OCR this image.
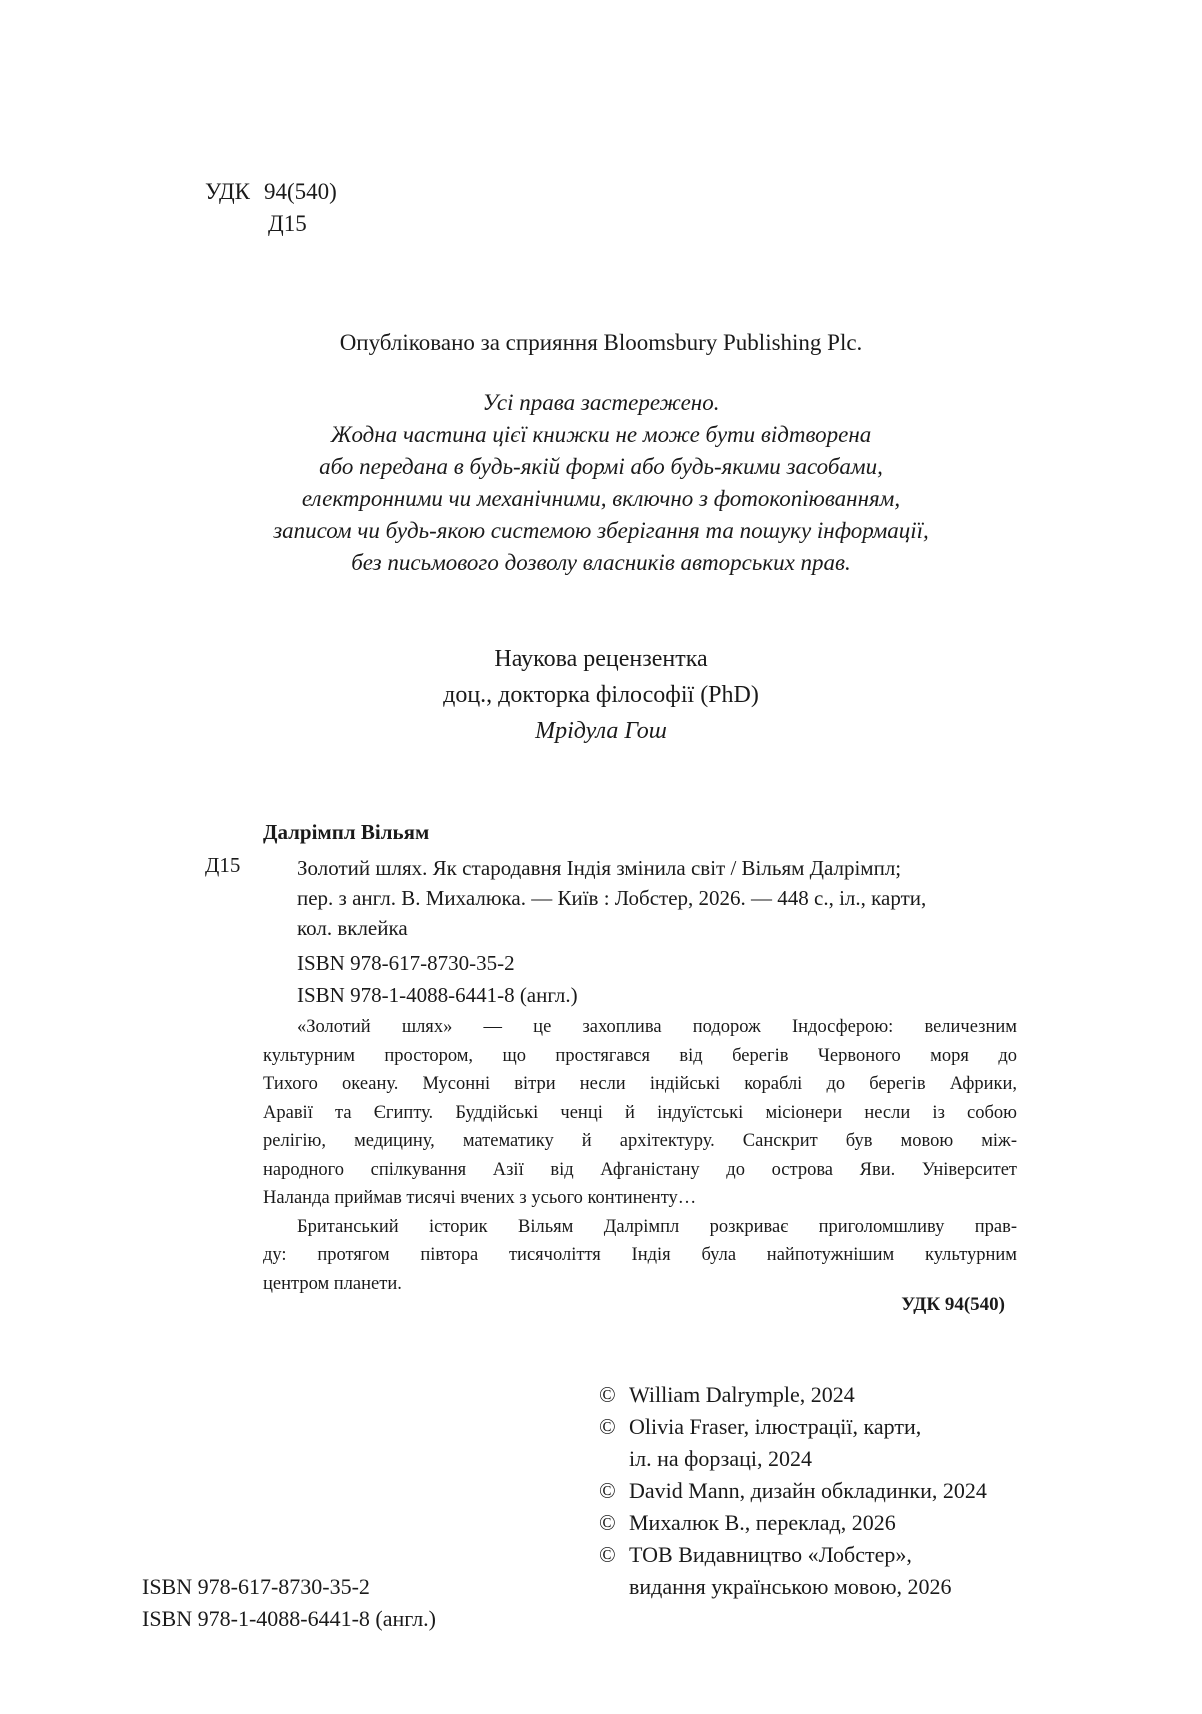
УДК 94(540)
Д15
Опубліковано за сприяння Bloomsbury Publishing Plc.
Усі права застережено.
Жодна частина цієї книжки не може бути відтворена
або передана в будь-якій формі або будь-якими засобами,
електронними чи механічними, включно з фотокопіюванням,
записом чи будь-якою системою зберігання та пошуку інформації,
без письмового дозволу власників авторських прав.
Наукова рецензентка
доц., докторка філософії (PhD)
Мрідула Гош
Далрімпл Вільям
Д15	Золотий шлях. Як стародавня Індія змінила світ / Вільям Далрімпл;
пер. з англ. В. Михалюка. — Київ : Лобстер, 2026. — 448 с., іл., карти,
кол. вклейка
ISBN 978-617-8730-35-2
ISBN 978-1-4088-6441-8 (англ.)
«Золотий шлях» — це захоплива подорож Індосферою: величезним
культурним простором, що простягався від берегів Червоного моря до
Тихого океану. Мусонні вітри несли індійські кораблі до берегів Африки,
Аравії та Єгипту. Буддійські ченці й індуїстські місіонери несли із собою
релігію, медицину, математику й архітектуру. Санскрит був мовою між-
народного спілкування Азії від Афганістану до острова Яви. Університет
Наланда приймав тисячі вчених з усього континенту…
Британський історик Вільям Далрімпл розкриває приголомшливу прав-
ду: протягом півтора тисячоліття Індія була найпотужнішим культурним
центром планети.
УДК 94(540)
© William Dalrymple, 2024
© Olivia Fraser, ілюстрації, карти,
іл. на форзаці, 2024
© David Mann, дизайн обкладинки, 2024
© Михалюк В., переклад, 2026
© ТОВ Видавництво «Лобстер»,
видання українською мовою, 2026
ISBN 978-617-8730-35-2
ISBN 978-1-4088-6441-8 (англ.)
